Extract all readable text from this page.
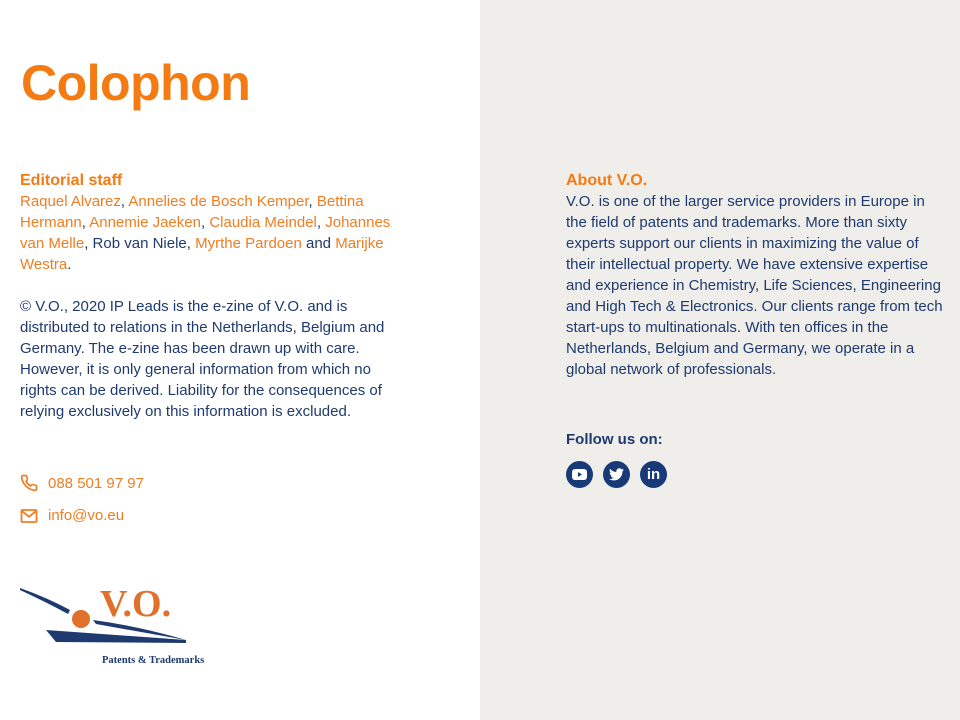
Colophon
Editorial staff
Raquel Alvarez, Annelies de Bosch Kemper, Bettina Hermann, Annemie Jaeken, Claudia Meindel, Johannes van Melle, Rob van Niele, Myrthe Pardoen and Marijke Westra.
© V.O., 2020 IP Leads is the e-zine of V.O. and is distributed to relations in the Netherlands, Belgium and Germany. The e-zine has been drawn up with care. However, it is only general information from which no rights can be derived. Liability for the consequences of relying exclusively on this information is excluded.
088 501 97 97
info@vo.eu
V.O.
Patents & Trademarks
About V.O.
V.O. is one of the larger service providers in Europe in the field of patents and trademarks. More than sixty experts support our clients in maximizing the value of their intellectual property. We have extensive expertise and experience in Chemistry, Life Sciences, Engineering and High Tech & Electronics. Our clients range from tech start-ups to multinationals. With ten offices in the Netherlands, Belgium and Germany, we operate in a global network of professionals.
Follow us on:
in
